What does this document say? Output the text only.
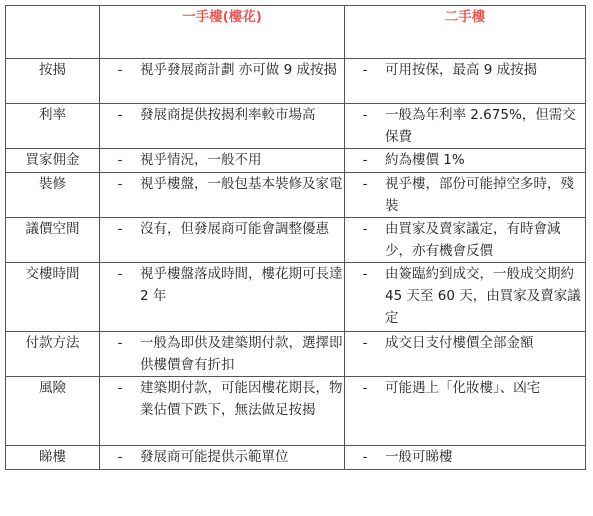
	一手樓(樓花)	二手樓
按揭	- 視乎發展商計劃 亦可做 9 成按揭	- 可用按保，最高 9 成按揭

利率	- 發展商提供按揭利率較市場高	- 一般為年利率 2.675%，但需交保費

買家佣金	- 視乎情況，一般不用	- 約為樓價 1%

裝修	- 視乎樓盤，一般包基本裝修及家電	- 視乎樓，部份可能掉空多時，殘裝

議價空間	- 沒有，但發展商可能會調整優惠	- 由買家及賣家議定，有時會減少，亦有機會反價

交樓時間	- 視乎樓盤落成時間，樓花期可長達 2 年	- 由簽臨約到成交，一般成交期約 45 天至 60 天，由買家及賣家議定

付款方法	- 一般為即供及建築期付款，選擇即供樓價會有折扣	- 成交日支付樓價全部金額

風險	- 建築期付款，可能因樓花期長，物業估價下跌下，無法做足按揭	- 可能遇上「化妝樓」、凶宅

睇樓	- 發展商可能提供示範單位	- 一般可睇樓
